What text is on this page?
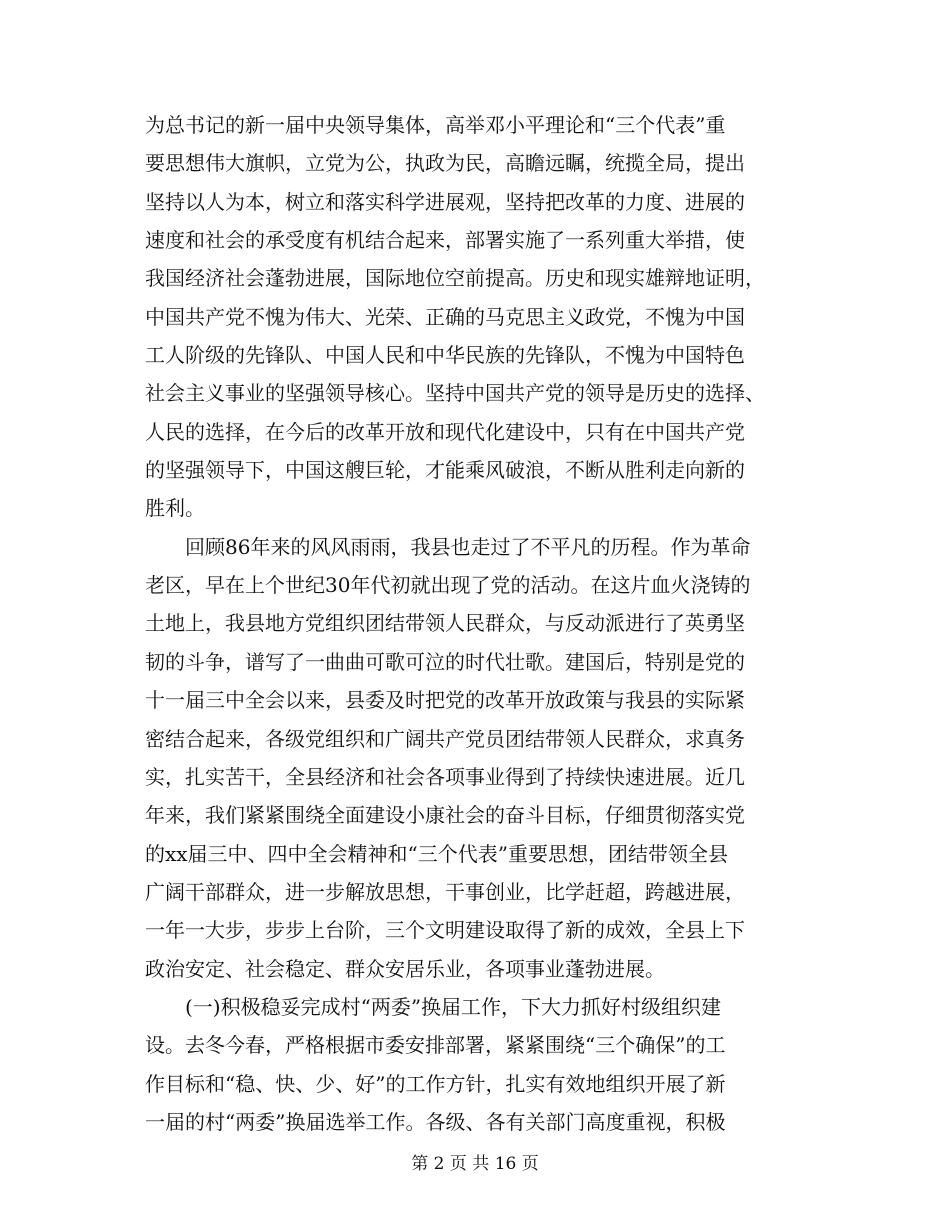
为总书记的新一届中央领导集体，高举邓小平理论和“三个代表”重
要思想伟大旗帜，立党为公，执政为民，高瞻远瞩，统揽全局，提出
坚持以人为本，树立和落实科学进展观，坚持把改革的力度、进展的
速度和社会的承受度有机结合起来，部署实施了一系列重大举措，使
我国经济社会蓬勃进展，国际地位空前提高。历史和现实雄辩地证明，
中国共产党不愧为伟大、光荣、正确的马克思主义政党，不愧为中国
工人阶级的先锋队、中国人民和中华民族的先锋队，不愧为中国特色
社会主义事业的坚强领导核心。坚持中国共产党的领导是历史的选择、
人民的选择，在今后的改革开放和现代化建设中，只有在中国共产党
的坚强领导下，中国这艘巨轮，才能乘风破浪，不断从胜利走向新的
胜利。
　　回顾86年来的风风雨雨，我县也走过了不平凡的历程。作为革命
老区，早在上个世纪30年代初就出现了党的活动。在这片血火浇铸的
土地上，我县地方党组织团结带领人民群众，与反动派进行了英勇坚
韧的斗争，谱写了一曲曲可歌可泣的时代壮歌。建国后，特别是党的
十一届三中全会以来，县委及时把党的改革开放政策与我县的实际紧
密结合起来，各级党组织和广阔共产党员团结带领人民群众，求真务
实，扎实苦干，全县经济和社会各项事业得到了持续快速进展。近几
年来，我们紧紧围绕全面建设小康社会的奋斗目标，仔细贯彻落实党
的xx届三中、四中全会精神和“三个代表”重要思想，团结带领全县
广阔干部群众，进一步解放思想，干事创业，比学赶超，跨越进展，
一年一大步，步步上台阶，三个文明建设取得了新的成效，全县上下
政治安定、社会稳定、群众安居乐业，各项事业蓬勃进展。
　　(一)积极稳妥完成村“两委”换届工作，下大力抓好村级组织建
设。去冬今春，严格根据市委安排部署，紧紧围绕“三个确保”的工
作目标和“稳、快、少、好”的工作方针，扎实有效地组织开展了新
一届的村“两委”换届选举工作。各级、各有关部门高度重视，积极
第 2 页 共 16 页
